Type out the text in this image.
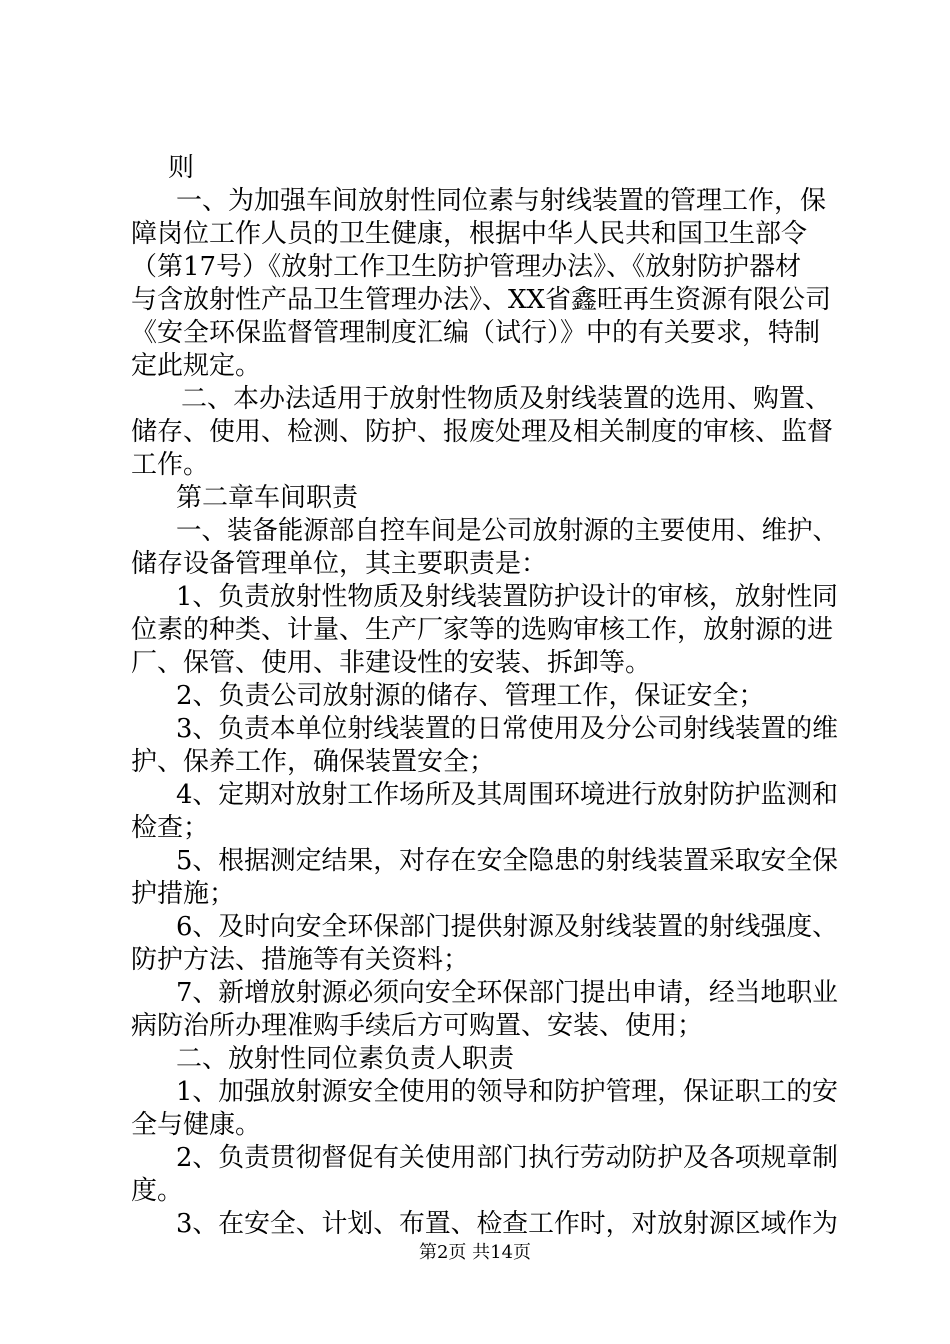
则
一、为加强车间放射性同位素与射线装置的管理工作，保
障岗位工作人员的卫生健康，根据中华人民共和国卫生部令
（第17号）《放射工作卫生防护管理办法》、《放射防护器材
与含放射性产品卫生管理办法》、XX省鑫旺再生资源有限公司
《安全环保监督管理制度汇编（试行）》中的有关要求，特制
定此规定。
二、本办法适用于放射性物质及射线装置的选用、购置、
储存、使用、检测、防护、报废处理及相关制度的审核、监督
工作。
第二章车间职责
一、装备能源部自控车间是公司放射源的主要使用、维护、
储存设备管理单位，其主要职责是：
1、负责放射性物质及射线装置防护设计的审核，放射性同
位素的种类、计量、生产厂家等的选购审核工作，放射源的进
厂、保管、使用、非建设性的安装、拆卸等。
2、负责公司放射源的储存、管理工作，保证安全；
3、负责本单位射线装置的日常使用及分公司射线装置的维
护、保养工作，确保装置安全；
4、定期对放射工作场所及其周围环境进行放射防护监测和
检查；
5、根据测定结果，对存在安全隐患的射线装置采取安全保
护措施；
6、及时向安全环保部门提供射源及射线装置的射线强度、
防护方法、措施等有关资料；
7、新增放射源必须向安全环保部门提出申请，经当地职业
病防治所办理准购手续后方可购置、安装、使用；
二、放射性同位素负责人职责
1、加强放射源安全使用的领导和防护管理，保证职工的安
全与健康。
2、负责贯彻督促有关使用部门执行劳动防护及各项规章制
度。
3、在安全、计划、布置、检查工作时，对放射源区域作为
第2页 共14页
